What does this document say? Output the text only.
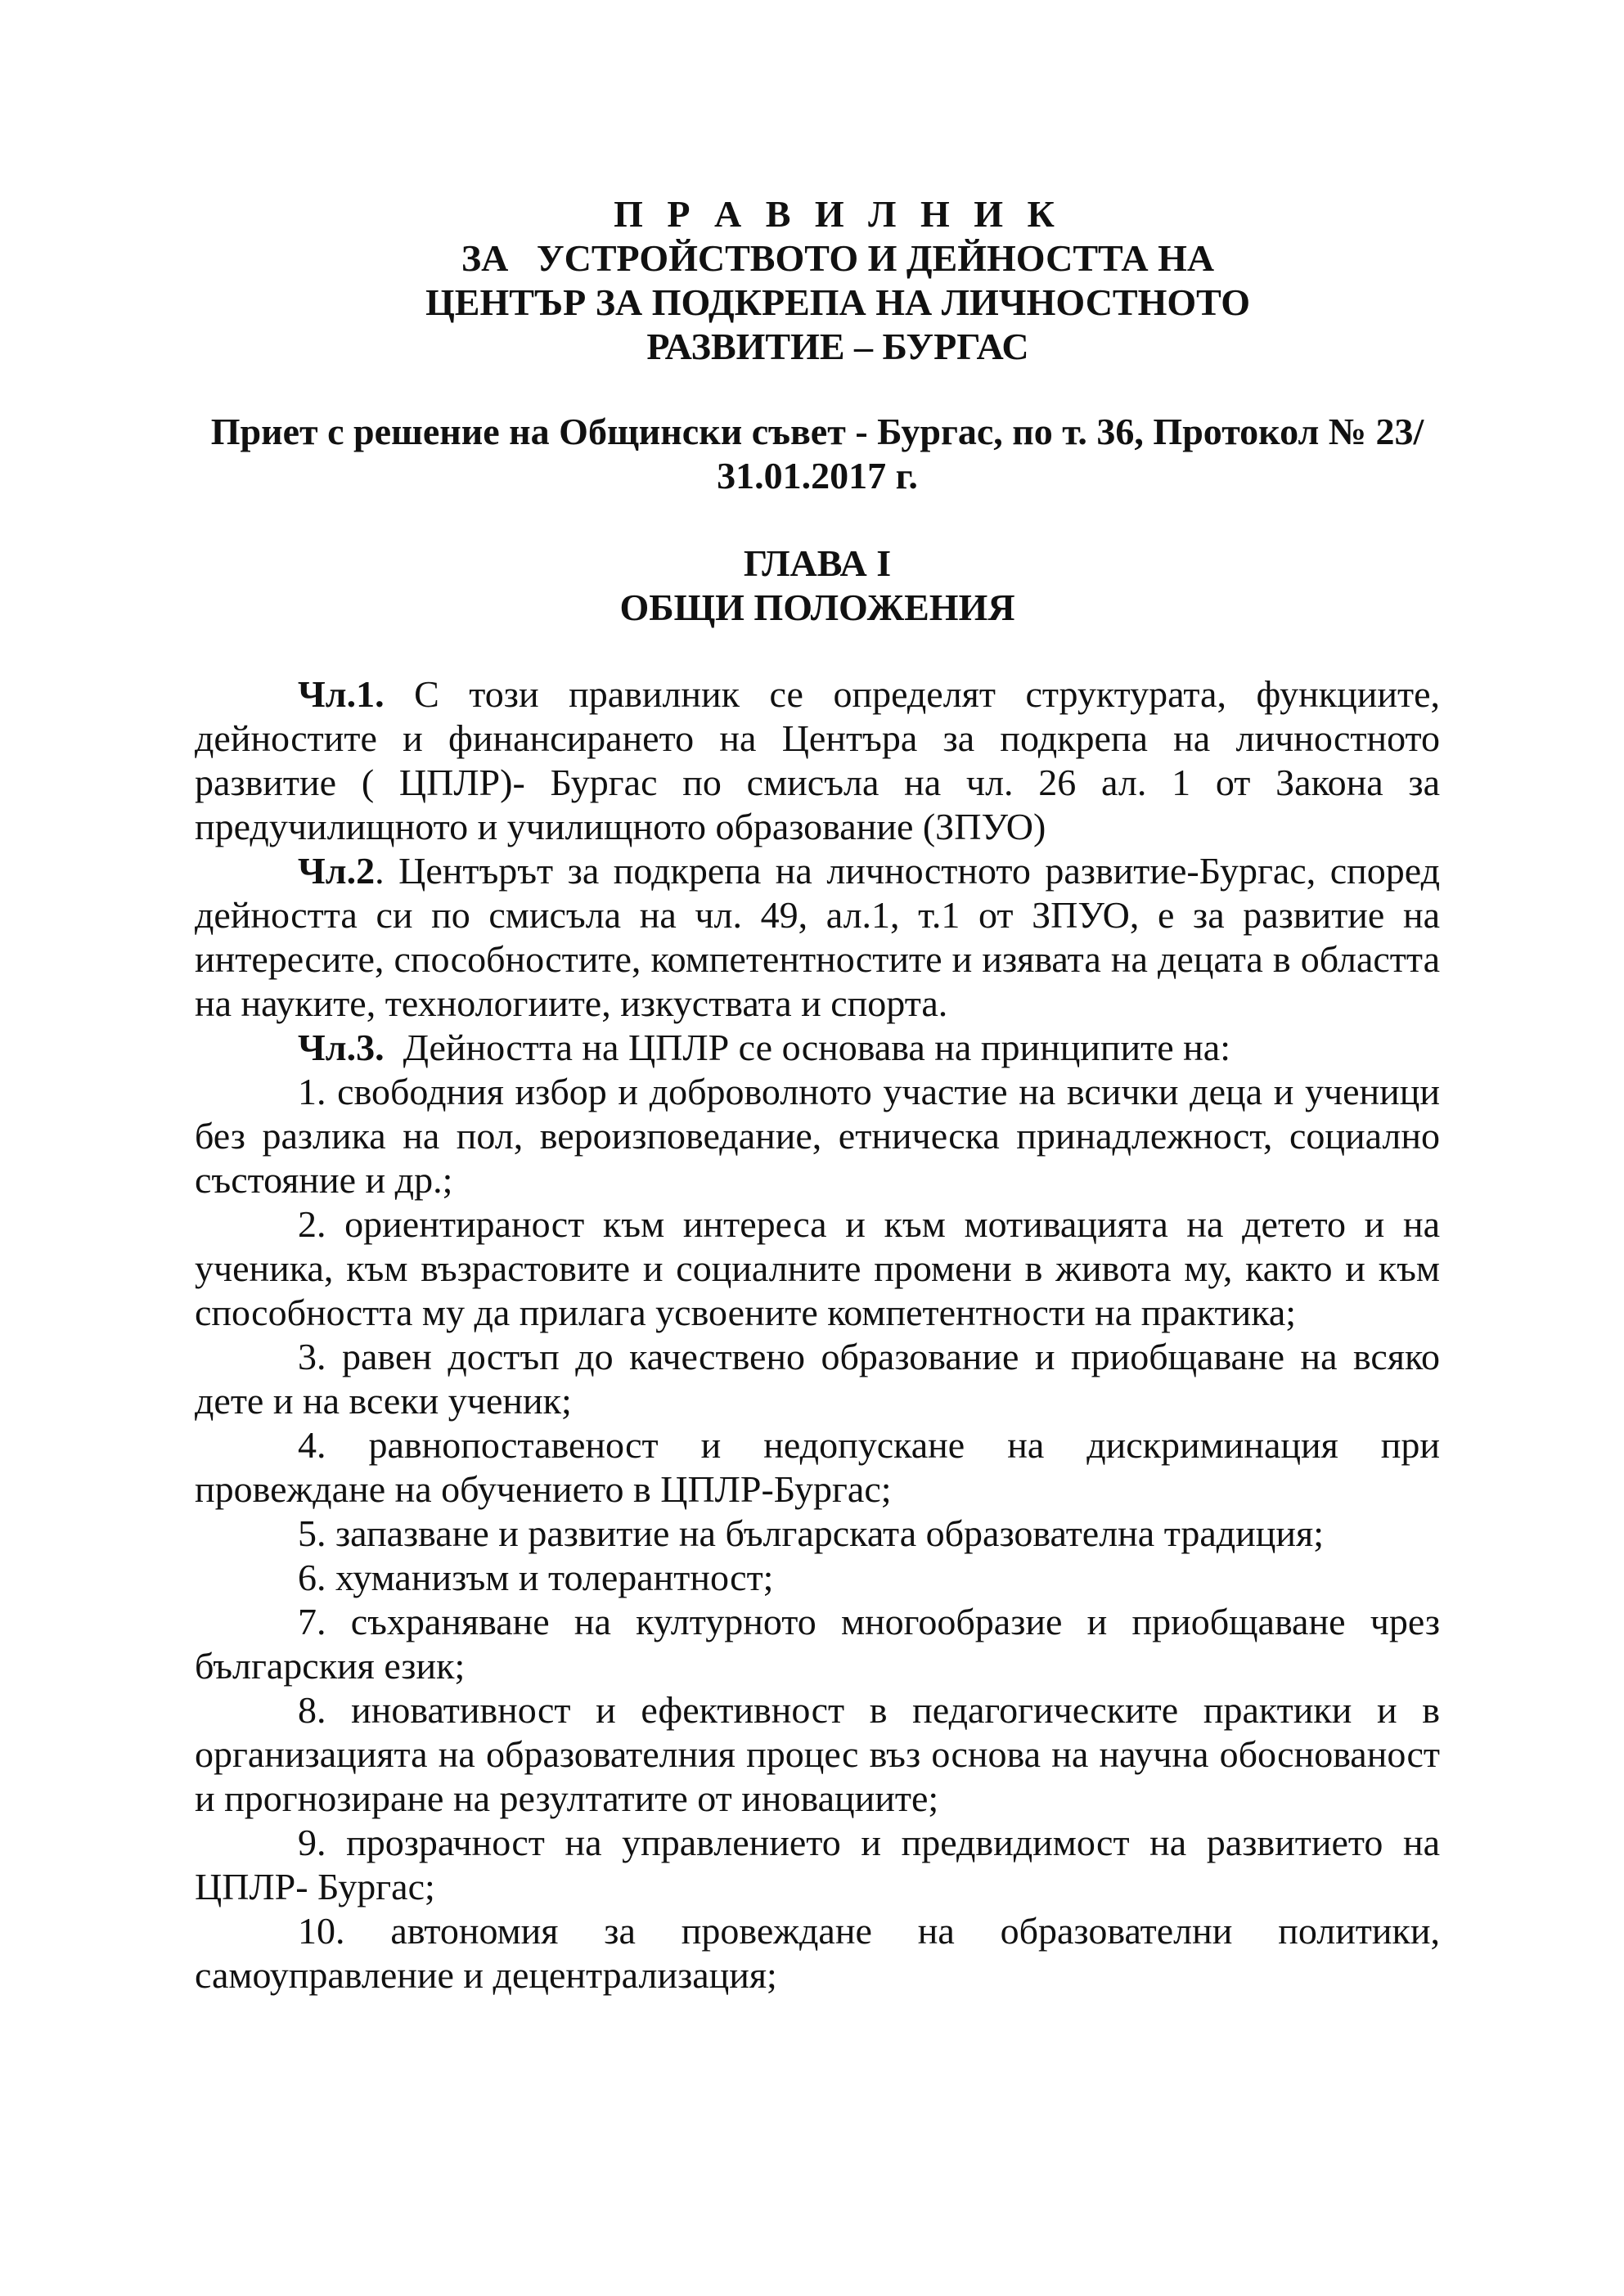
П Р А В И Л Н И К
ЗА   УСТРОЙСТВОТО И ДЕЙНОСТТА НА
ЦЕНТЪР ЗА ПОДКРЕПА НА ЛИЧНОСТНОТО
РАЗВИТИЕ – БУРГАС
Приет с решение на Общински съвет - Бургас, по т. 36, Протокол № 23/
31.01.2017 г.
ГЛАВА I
ОБЩИ ПОЛОЖЕНИЯ

Чл.1. С този правилник се определят структурата, функциите, дейностите и финансирането на Центъра за подкрепа на личностното развитие ( ЦПЛР)- Бургас по смисъла на чл. 26 ал. 1 от Закона за предучилищното и училищното образование (ЗПУО)

Чл.2. Центърът за подкрепа на личностното развитие-Бургас, според дейността си по смисъла на чл. 49, ал.1, т.1 от ЗПУО, е за развитие на интересите, способностите, компетентностите и изявата на децата в областта на науките, технологиите, изкуствата и спорта.

Чл.3.  Дейността на ЦПЛР се основава на принципите на:

1. свободния избор и доброволното участие на всички деца и ученици без разлика на пол, вероизповедание, етническа принадлежност, социално състояние и др.;

2. ориентираност към интереса и към мотивацията на детето и на ученика, към възрастовите и социалните промени в живота му, както и към способността му да прилага усвоените компетентности на практика;

3. равен достъп до качествено образование и приобщаване на всяко дете и на всеки ученик;

4. равнопоставеност и недопускане на дискриминация при провеждане на обучението в ЦПЛР-Бургас;

5. запазване и развитие на българската образователна традиция;

6. хуманизъм и толерантност;

7. съхраняване на културното многообразие и приобщаване чрез българския език;

8. иновативност и ефективност в педагогическите практики и в организацията на образователния процес въз основа на научна обоснованост и прогнозиране на резултатите от иновациите;

9. прозрачност на управлението и предвидимост на развитието на ЦПЛР- Бургас;

10. автономия за провеждане на образователни политики, самоуправление и децентрализация;
